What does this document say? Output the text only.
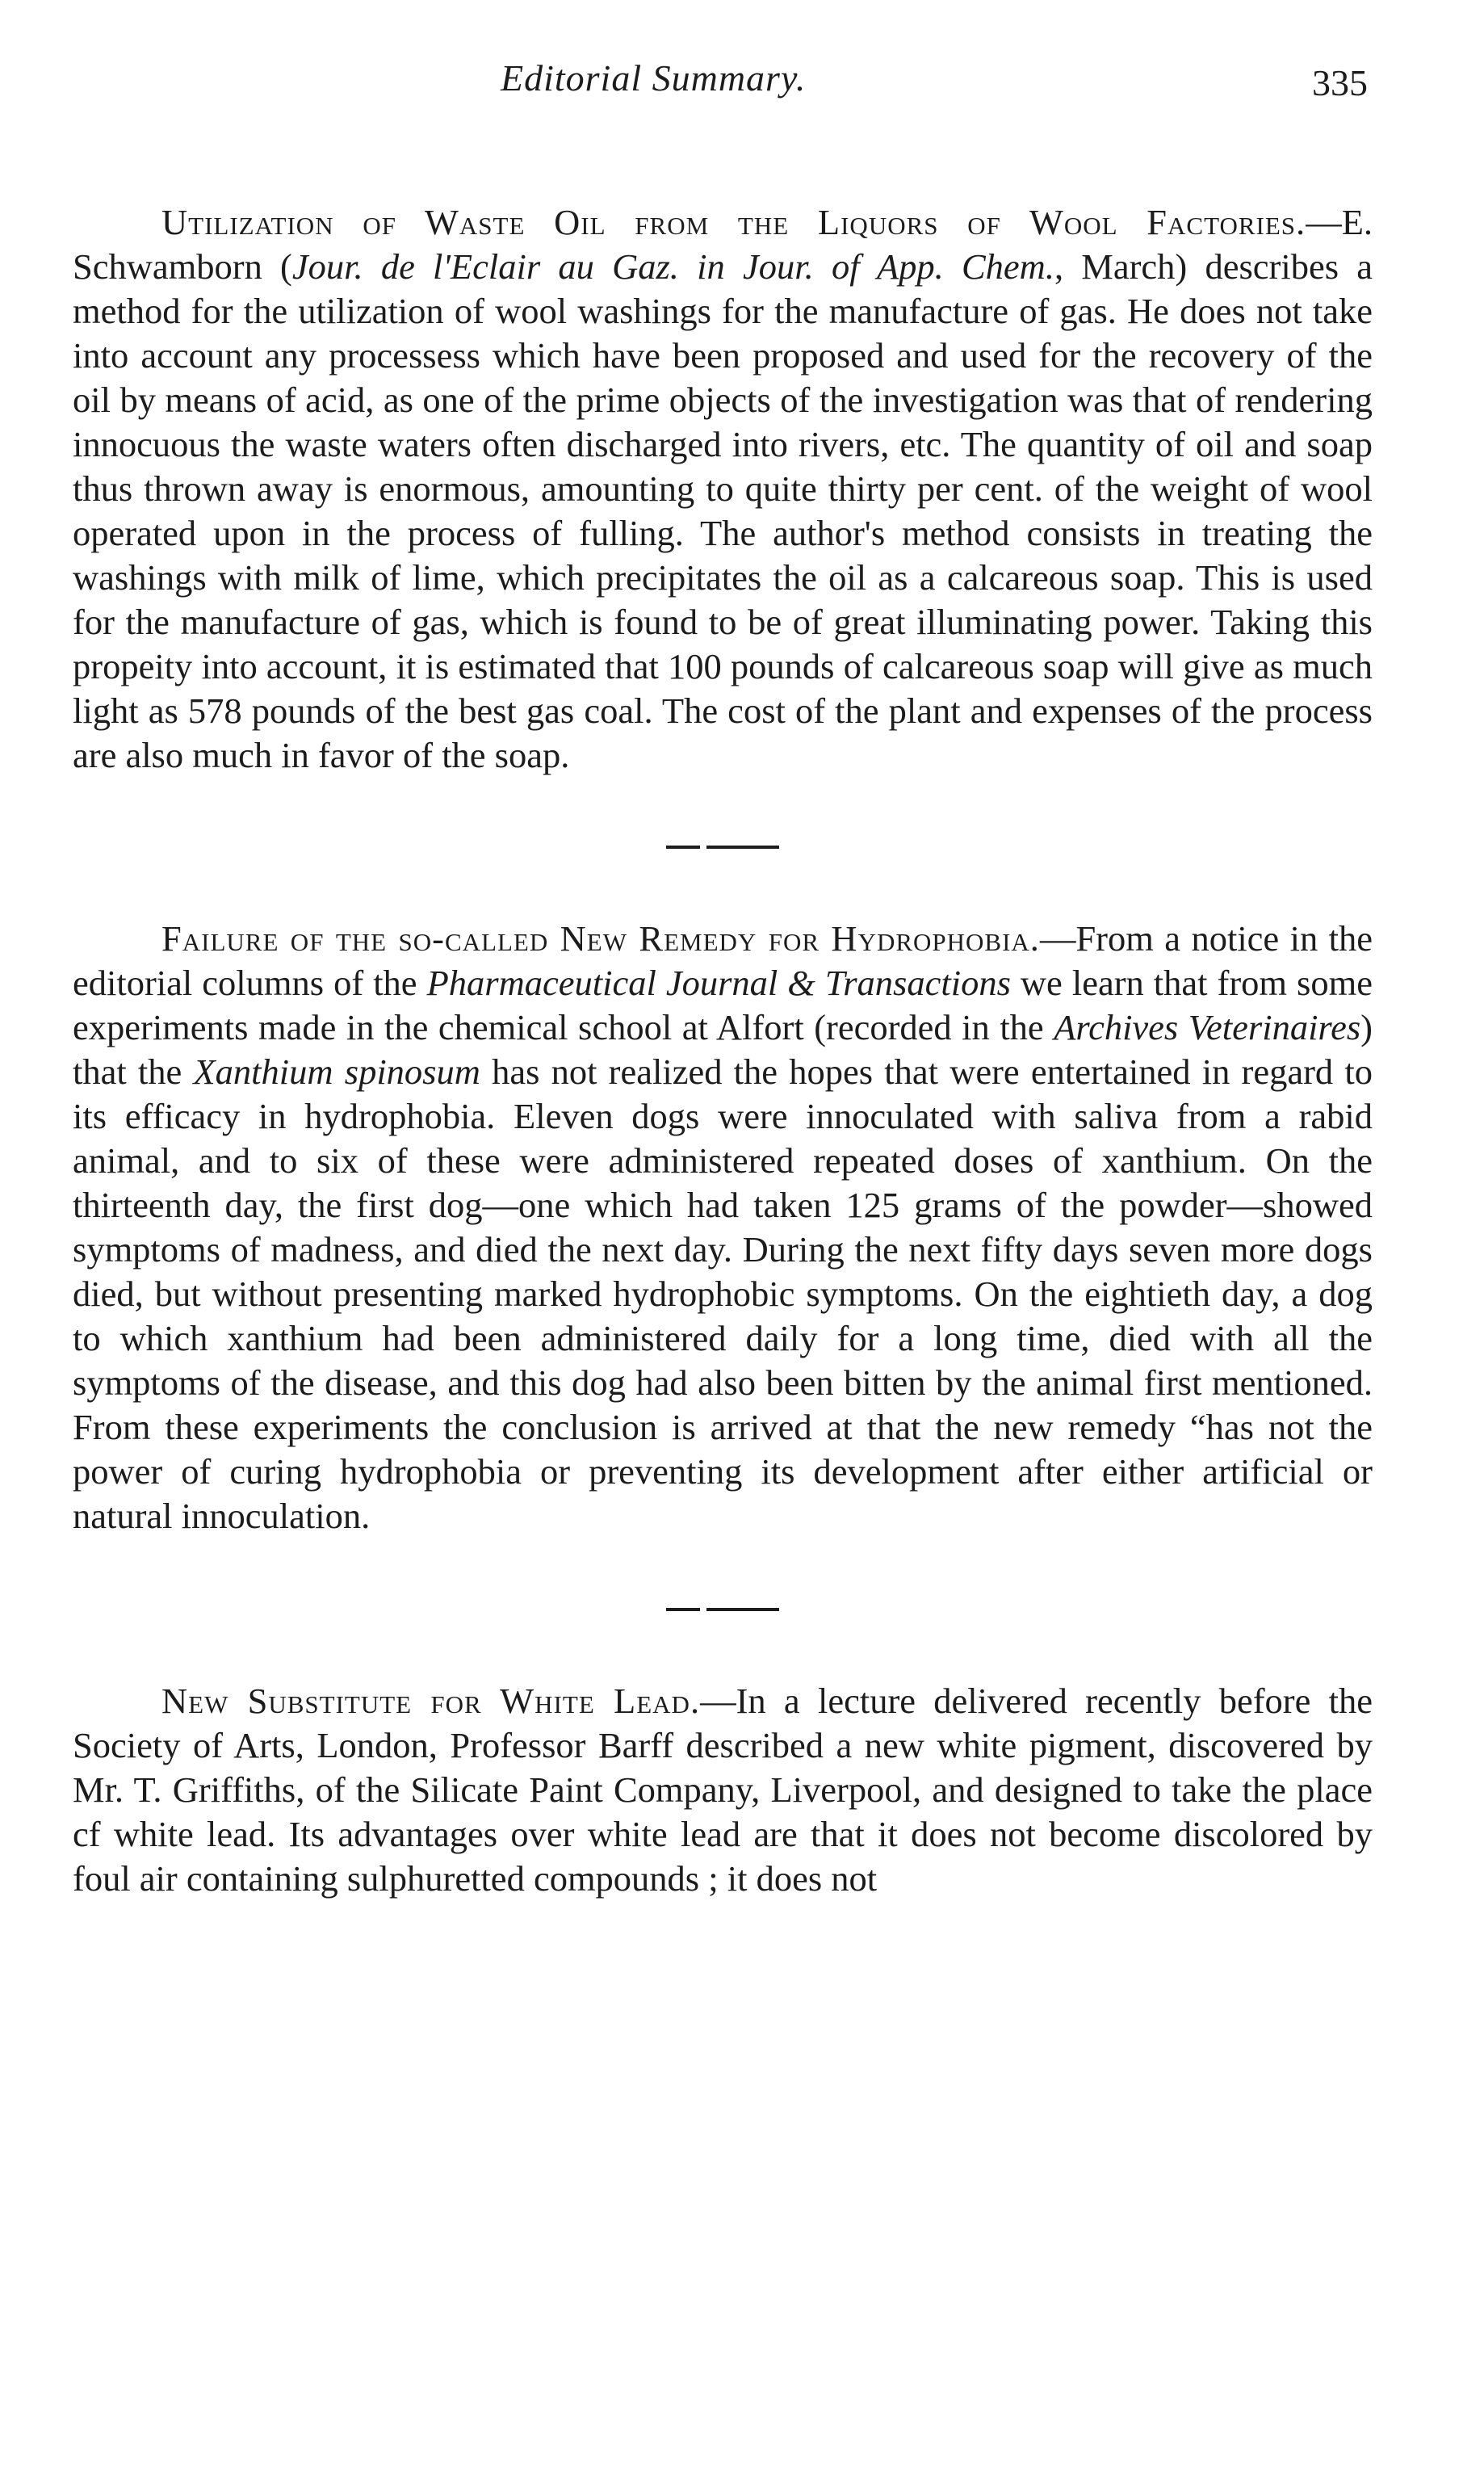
Editorial Summary.	335

Utilization of Waste Oil from the Liquors of Wool Factories.—E. Schwamborn (Jour. de l'Eclair au Gaz. in Jour. of App. Chem., March) describes a method for the utilization of wool washings for the manufacture of gas. He does not take into account any processess which have been proposed and used for the recovery of the oil by means of acid, as one of the prime objects of the investigation was that of rendering innocuous the waste waters often discharged into rivers, etc. The quantity of oil and soap thus thrown away is enormous, amounting to quite thirty per cent. of the weight of wool operated upon in the process of fulling. The author's method consists in treating the washings with milk of lime, which precipitates the oil as a calcareous soap. This is used for the manufacture of gas, which is found to be of great illuminating power. Taking this propeity into account, it is estimated that 100 pounds of calcareous soap will give as much light as 578 pounds of the best gas coal. The cost of the plant and expenses of the process are also much in favor of the soap.

Failure of the so-called New Remedy for Hydrophobia.—From a notice in the editorial columns of the Pharmaceutical Journal & Transactions we learn that from some experiments made in the chemical school at Alfort (recorded in the Archives Veterinaires) that the Xanthium spinosum has not realized the hopes that were entertained in regard to its efficacy in hydrophobia. Eleven dogs were innoculated with saliva from a rabid animal, and to six of these were administered repeated doses of xanthium. On the thirteenth day, the first dog—one which had taken 125 grams of the powder—showed symptoms of madness, and died the next day. During the next fifty days seven more dogs died, but without presenting marked hydrophobic symptoms. On the eightieth day, a dog to which xanthium had been administered daily for a long time, died with all the symptoms of the disease, and this dog had also been bitten by the animal first mentioned. From these experiments the conclusion is arrived at that the new remedy “has not the power of curing hydrophobia or preventing its development after either artificial or natural innoculation.

New Substitute for White Lead.—In a lecture delivered recently before the Society of Arts, London, Professor Barff described a new white pigment, discovered by Mr. T. Griffiths, of the Silicate Paint Company, Liverpool, and designed to take the place cf white lead. Its advantages over white lead are that it does not become discolored by foul air containing sulphuretted compounds ; it does not
